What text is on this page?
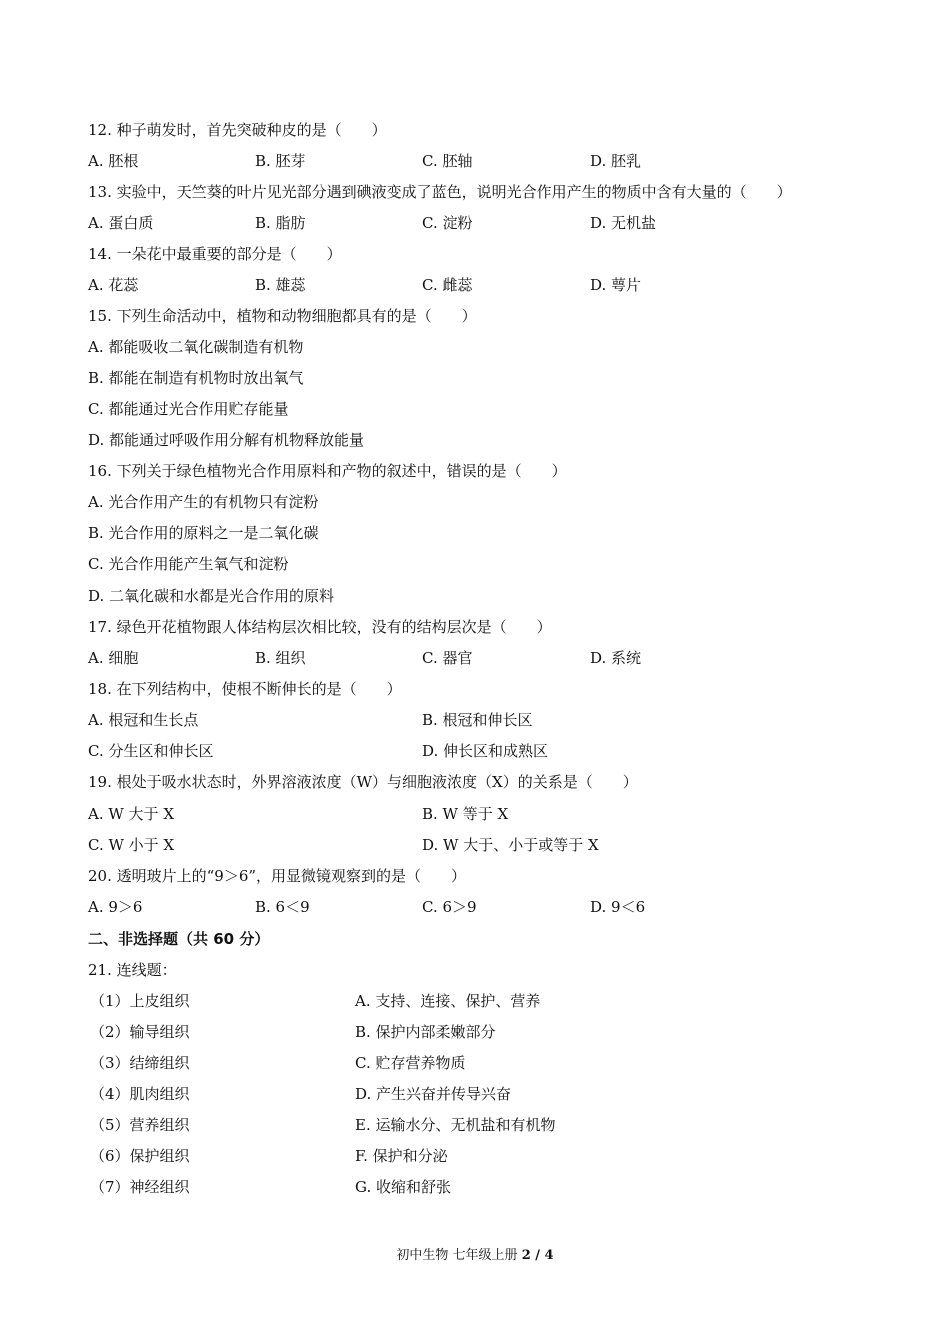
12. 种子萌发时，首先突破种皮的是（　　）
A. 胚根	B. 胚芽	C. 胚轴	D. 胚乳
13. 实验中，天竺葵的叶片见光部分遇到碘液变成了蓝色，说明光合作用产生的物质中含有大量的（　　）
A. 蛋白质	B. 脂肪	C. 淀粉	D. 无机盐
14. 一朵花中最重要的部分是（　　）
A. 花蕊	B. 雄蕊	C. 雌蕊	D. 萼片
15. 下列生命活动中，植物和动物细胞都具有的是（　　）
A. 都能吸收二氧化碳制造有机物
B. 都能在制造有机物时放出氧气
C. 都能通过光合作用贮存能量
D. 都能通过呼吸作用分解有机物释放能量
16. 下列关于绿色植物光合作用原料和产物的叙述中，错误的是（　　）
A. 光合作用产生的有机物只有淀粉
B. 光合作用的原料之一是二氧化碳
C. 光合作用能产生氧气和淀粉
D. 二氧化碳和水都是光合作用的原料
17. 绿色开花植物跟人体结构层次相比较，没有的结构层次是（　　）
A. 细胞	B. 组织	C. 器官	D. 系统
18. 在下列结构中，使根不断伸长的是（　　）
A. 根冠和生长点	B. 根冠和伸长区
C. 分生区和伸长区	D. 伸长区和成熟区
19. 根处于吸水状态时，外界溶液浓度（W）与细胞液浓度（X）的关系是（　　）
A. W 大于 X	B. W 等于 X
C. W 小于 X	D. W 大于、小于或等于 X
20. 透明玻片上的“9＞6”，用显微镜观察到的是（　　）
A. 9＞6	B. 6＜9	C. 6＞9	D. 9＜6
二、非选择题（共 60 分）
21. 连线题：
（1）上皮组织	A. 支持、连接、保护、营养
（2）输导组织	B. 保护内部柔嫩部分
（3）结缔组织	C. 贮存营养物质
（4）肌肉组织	D. 产生兴奋并传导兴奋
（5）营养组织	E. 运输水分、无机盐和有机物
（6）保护组织	F. 保护和分泌
（7）神经组织	G. 收缩和舒张
初中生物 七年级上册 2 / 4
